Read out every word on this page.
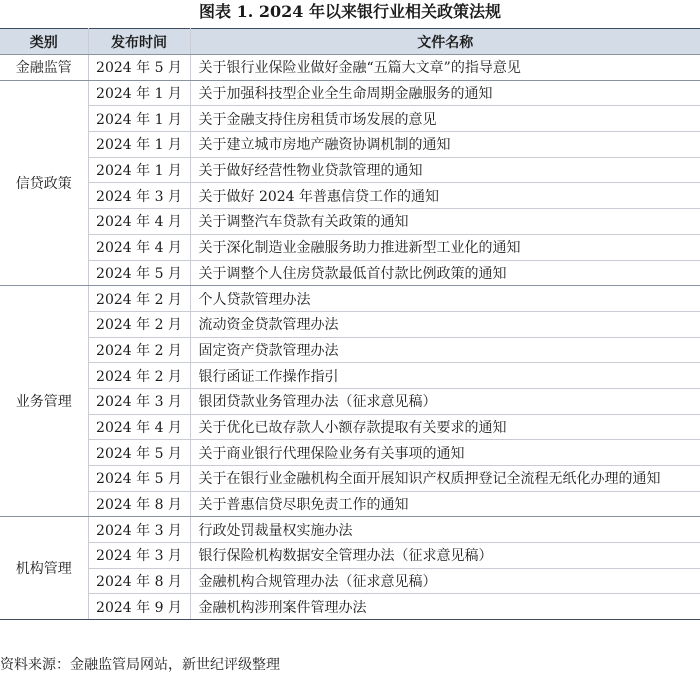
图表 1. 2024 年以来银行业相关政策法规
类别	发布时间	文件名称
金融监管	2024 年 5 月	关于银行业保险业做好金融“五篇大文章”的指导意见
信贷政策	2024 年 1 月	关于加强科技型企业全生命周期金融服务的通知
	2024 年 1 月	关于金融支持住房租赁市场发展的意见
	2024 年 1 月	关于建立城市房地产融资协调机制的通知
	2024 年 1 月	关于做好经营性物业贷款管理的通知
	2024 年 3 月	关于做好 2024 年普惠信贷工作的通知
	2024 年 4 月	关于调整汽车贷款有关政策的通知
	2024 年 4 月	关于深化制造业金融服务助力推进新型工业化的通知
	2024 年 5 月	关于调整个人住房贷款最低首付款比例政策的通知
业务管理	2024 年 2 月	个人贷款管理办法
	2024 年 2 月	流动资金贷款管理办法
	2024 年 2 月	固定资产贷款管理办法
	2024 年 2 月	银行函证工作操作指引
	2024 年 3 月	银团贷款业务管理办法（征求意见稿）
	2024 年 4 月	关于优化已故存款人小额存款提取有关要求的通知
	2024 年 5 月	关于商业银行代理保险业务有关事项的通知
	2024 年 5 月	关于在银行业金融机构全面开展知识产权质押登记全流程无纸化办理的通知
	2024 年 8 月	关于普惠信贷尽职免责工作的通知
机构管理	2024 年 3 月	行政处罚裁量权实施办法
	2024 年 3 月	银行保险机构数据安全管理办法（征求意见稿）
	2024 年 8 月	金融机构合规管理办法（征求意见稿）
	2024 年 9 月	金融机构涉刑案件管理办法
资料来源：金融监管局网站，新世纪评级整理
